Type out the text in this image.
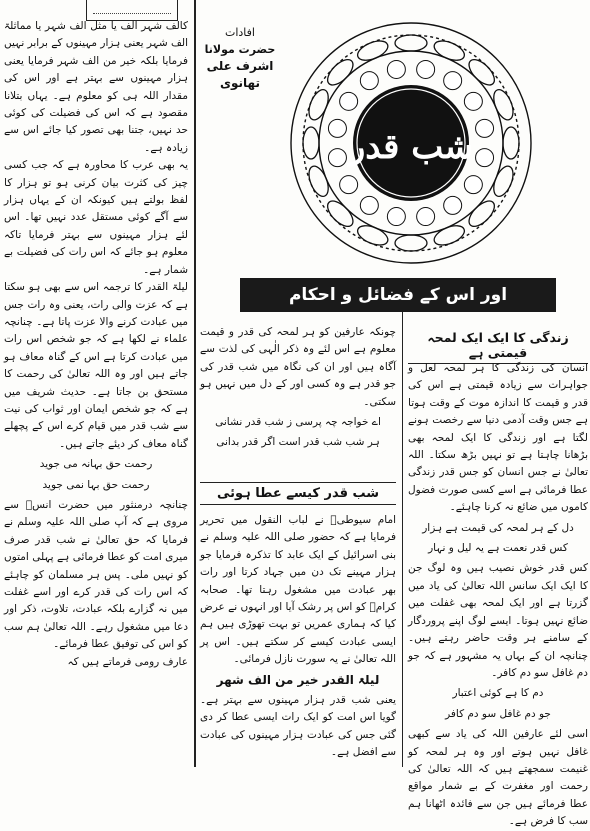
افادات
حضرت مولانا
اشرف علی تھانوی
شب قدر
اور اس کے فضائل و احکام
زندگی کا ایک ایک لمحہ قیمتی ہے

انسان کی زندگی کا ہر لمحہ لعل و جواہرات سے زیادہ قیمتی ہے اس کی قدر و قیمت کا اندازہ موت کے وقت ہوتا ہے جس وقت آدمی دنیا سے رخصت ہونے لگتا ہے اور زندگی کا ایک لمحہ بھی بڑھانا چاہتا ہے تو نہیں بڑھ سکتا۔ اللہ تعالیٰ نے جس انسان کو جس قدر زندگی عطا فرمائی ہے اسے کسی صورت فضول کاموں میں ضائع نہ کرنا چاہئے۔

دل کے ہر لمحہ کی قیمت ہے ہزار

کس قدر نعمت ہے یہ لیل و نہار

کس قدر خوش نصیب ہیں وہ لوگ جن کا ایک ایک سانس اللہ تعالیٰ کی یاد میں گزرتا ہے اور ایک لمحہ بھی غفلت میں ضائع نہیں ہوتا۔ ایسے لوگ اپنے پروردگار کے سامنے ہر وقت حاضر رہتے ہیں۔ چنانچہ ان کے بہاں یہ مشہور ہے کہ جو دم غافل سو دم کافر۔

دم کا ہے کوئی اعتبار

جو دم غافل سو دم کافر

اسی لئے عارفین اللہ کی یاد سے کبھی غافل نہیں ہوتے اور وہ ہر لمحہ کو غنیمت سمجھتے ہیں کہ اللہ تعالیٰ کی رحمت اور مغفرت کے بے شمار مواقع عطا فرمائے ہیں جن سے فائدہ اٹھانا ہم سب کا فرض ہے۔

چونکہ عارفین کو ہر لمحہ کی قدر و قیمت معلوم ہے اس لئے وہ ذکر الٰہی کی لذت سے آگاہ ہیں اور ان کی نگاہ میں شب قدر کی جو قدر ہے وہ کسی اور کے دل میں نہیں ہو سکتی۔

اے خواجہ چہ پرسی ز شب قدر نشانی

ہر شب شب قدر است اگر قدر بدانی

شب قدر کیسے عطا ہوئی

امام سیوطیؒ نے لباب النقول میں تحریر فرمایا ہے کہ حضور صلی اللہ علیہ وسلم نے بنی اسرائیل کے ایک عابد کا تذکرہ فرمایا جو ہزار مہینے تک دن میں جہاد کرتا اور رات بھر عبادت میں مشغول رہتا تھا۔ صحابہ کرامؓ کو اس پر رشک آیا اور انہوں نے عرض کیا کہ ہماری عمریں تو بہت تھوڑی ہیں ہم ایسی عبادت کیسے کر سکتے ہیں۔ اس پر اللہ تعالیٰ نے یہ سورت نازل فرمائی۔

لیلۃ القدر خیر من الف شھر

یعنی شب قدر ہزار مہینوں سے بہتر ہے۔ گویا اس امت کو ایک رات ایسی عطا کر دی گئی جس کی عبادت ہزار مہینوں کی عبادت سے افضل ہے۔

کالف شہر الف یا مثل الف شہر یا مماثلۃ الف شہر یعنی ہزار مہینوں کے برابر نہیں فرمایا بلکہ خیر من الف شہر فرمایا یعنی ہزار مہینوں سے بہتر ہے اور اس کی مقدار اللہ ہی کو معلوم ہے۔ یہاں بتلانا مقصود ہے کہ اس کی فضیلت کی کوئی حد نہیں، جتنا بھی تصور کیا جائے اس سے زیادہ ہے۔

یہ بھی عرب کا محاورہ ہے کہ جب کسی چیز کی کثرت بیان کرنی ہو تو ہزار کا لفظ بولتے ہیں کیونکہ ان کے یہاں ہزار سے آگے کوئی مستقل عدد نہیں تھا۔ اس لئے ہزار مہینوں سے بہتر فرمایا تاکہ معلوم ہو جائے کہ اس رات کی فضیلت بے شمار ہے۔

لیلۃ القدر کا ترجمہ اس سے بھی ہو سکتا ہے کہ عزت والی رات، یعنی وہ رات جس میں عبادت کرنے والا عزت پاتا ہے۔ چنانچہ علماء نے لکھا ہے کہ جو شخص اس رات میں عبادت کرتا ہے اس کے گناہ معاف ہو جاتے ہیں اور وہ اللہ تعالیٰ کی رحمت کا مستحق بن جاتا ہے۔ حدیث شریف میں ہے کہ جو شخص ایمان اور ثواب کی نیت سے شب قدر میں قیام کرے اس کے پچھلے گناہ معاف کر دیئے جاتے ہیں۔

رحمت حق بہانہ می جوید

رحمت حق بہا نمی جوید

چنانچہ درمنثور میں حضرت انسؓ سے مروی ہے کہ آپ صلی اللہ علیہ وسلم نے فرمایا کہ حق تعالیٰ نے شب قدر صرف میری امت کو عطا فرمائی ہے پہلی امتوں کو نہیں ملی۔ پس ہر مسلمان کو چاہئے کہ اس رات کی قدر کرے اور اسے غفلت میں نہ گزارے بلکہ عبادت، تلاوت، ذکر اور دعا میں مشغول رہے۔ اللہ تعالیٰ ہم سب کو اس کی توفیق عطا فرمائے۔

عارف رومی فرماتے ہیں کہ
